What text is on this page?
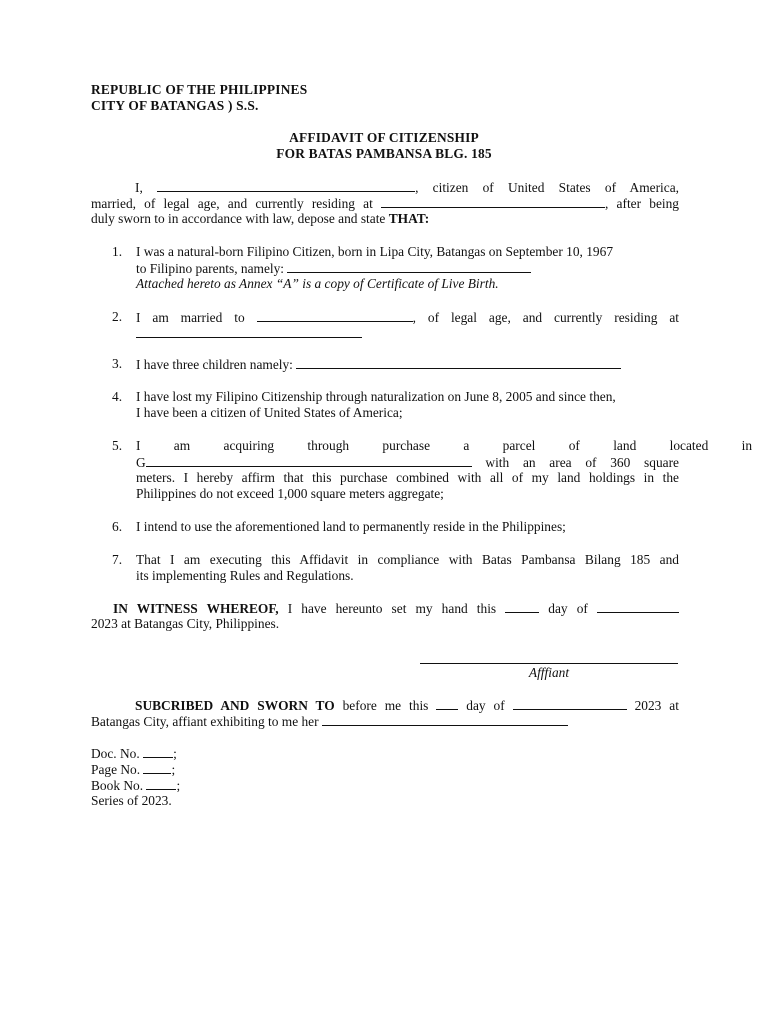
REPUBLIC OF THE PHILIPPINES
CITY OF BATANGAS ) S.S.
AFFIDAVIT OF CITIZENSHIP
FOR BATAS PAMBANSA BLG. 185
I,	, citizen of United States of America,
married, of legal age, and currently residing at	, after being
duly sworn to in accordance with law, depose and state THAT:
1. I was a natural-born Filipino Citizen, born in Lipa City, Batangas on September 10, 1967
to Filipino parents, namely:
Attached hereto as Annex “A” is a copy of Certificate of Live Birth.
2. I am married to	, of legal age, and currently residing at
3. I have three children namely:
4. I have lost my Filipino Citizenship through naturalization on June 8, 2005 and since then,
I have been a citizen of United States of America;
5. I am acquiring through purchase a parcel of land located in
G	with an area of 360 square
meters. I hereby affirm that this purchase combined with all of my land holdings in the
Philippines do not exceed 1,000 square meters aggregate;
6. I intend to use the aforementioned land to permanently reside in the Philippines;
7. That I am executing this Affidavit in compliance with Batas Pambansa Bilang 185 and
its implementing Rules and Regulations.
IN WITNESS WHEREOF, I have hereunto set my hand this	day of
2023 at Batangas City, Philippines.
Afffiant
SUBCRIBED AND SWORN TO before me this	day of	2023 at
Batangas City, affiant exhibiting to me her
Doc. No. ;
Page No. ;
Book No. ;
Series of 2023.
